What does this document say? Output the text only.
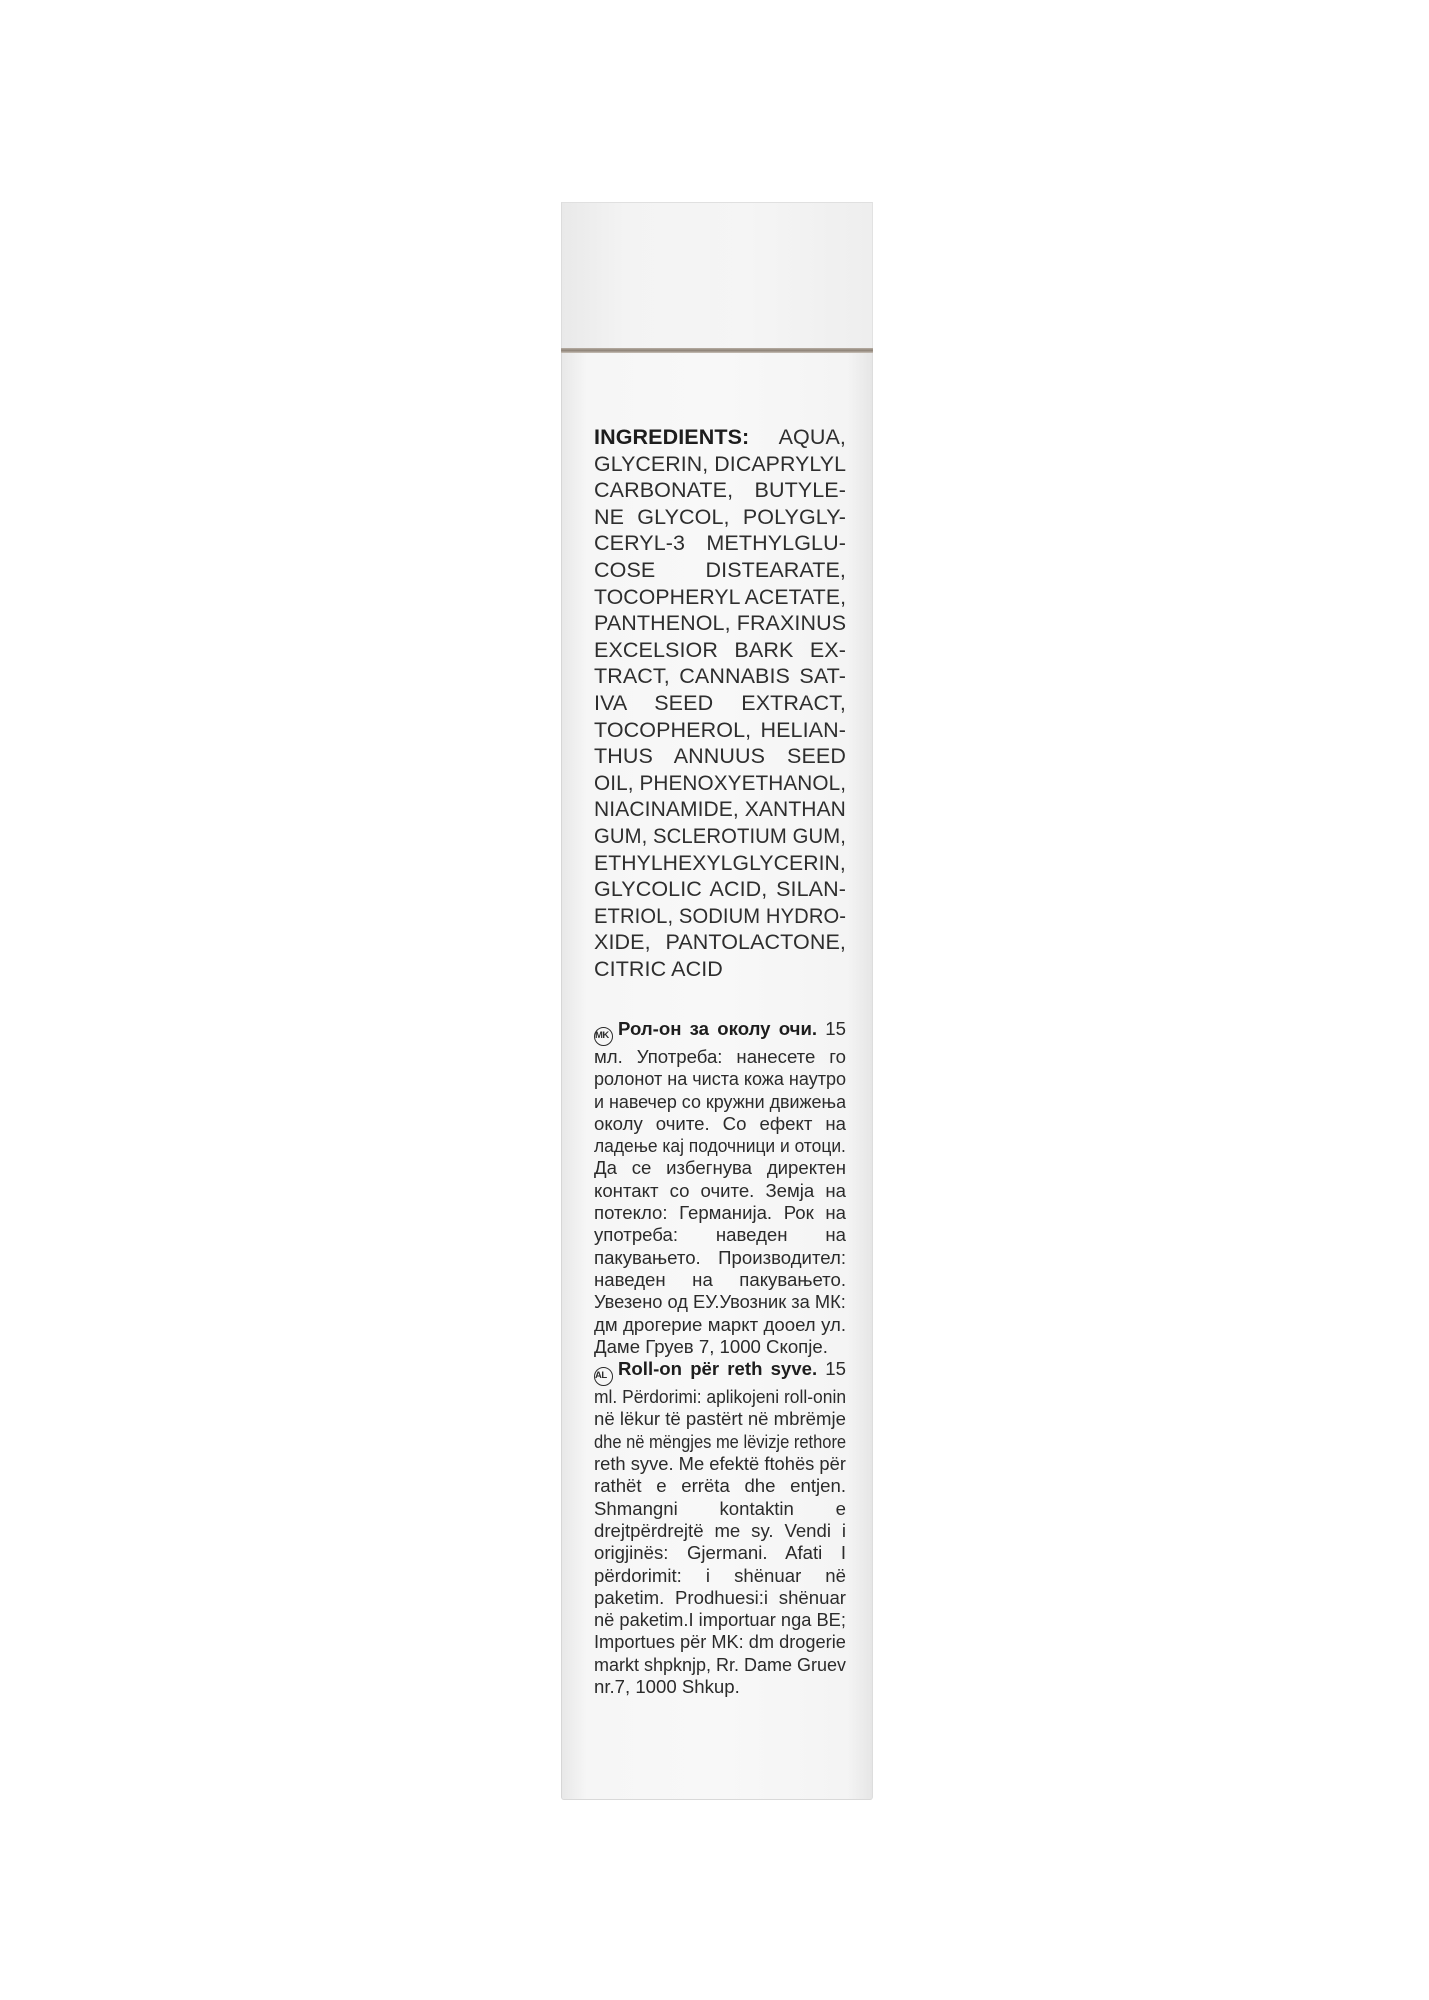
INGREDIENTS: AQUA,
GLYCERIN, DICAPRYLYL
CARBONATE, BUTYLE-
NE GLYCOL, POLYGLY-
CERYL-3 METHYLGLU-
COSE DISTEARATE,
TOCOPHERYL ACETATE,
PANTHENOL, FRAXINUS
EXCELSIOR BARK EX-
TRACT, CANNABIS SAT-
IVA SEED EXTRACT,
TOCOPHEROL, HELIAN-
THUS ANNUUS SEED
OIL, PHENOXYETHANOL,
NIACINAMIDE, XANTHAN
GUM, SCLEROTIUM GUM,
ETHYLHEXYLGLYCERIN,
GLYCOLIC ACID, SILAN-
ETRIOL, SODIUM HYDRO-
XIDE, PANTOLACTONE,
CITRIC ACID
MK Рол-он за околу очи. 15
мл. Употреба: нанесете го
ролонот на чиста кожа наутро
и навечер со кружни движења
околу очите. Со ефект на
ладење кај подочници и отоци.
Да се избегнува директен
контакт со очите. Земја на
потекло: Германија. Рок на
употреба: наведен на
пакувањето. Производител:
наведен на пакувањето.
Увезено од ЕУ.Увозник за МК:
дм дрогерие маркт дооел ул.
Даме Груев 7, 1000 Скопје.
AL Roll-on për reth syve. 15
ml. Përdorimi: aplikojeni roll-onin
në lëkur të pastërt në mbrëmje
dhe në mëngjes me lëvizje rethore
reth syve. Me efektë ftohës për
rathët e errëta dhe entjen.
Shmangni kontaktin e
drejtpërdrejtë me sy. Vendi i
origjinës: Gjermani. Afati I
përdorimit: i shënuar në
paketim. Prodhuesi:i shënuar
në paketim.I importuar nga BE;
Importues për MK: dm drogerie
markt shpknjp, Rr. Dame Gruev
nr.7, 1000 Shkup.
